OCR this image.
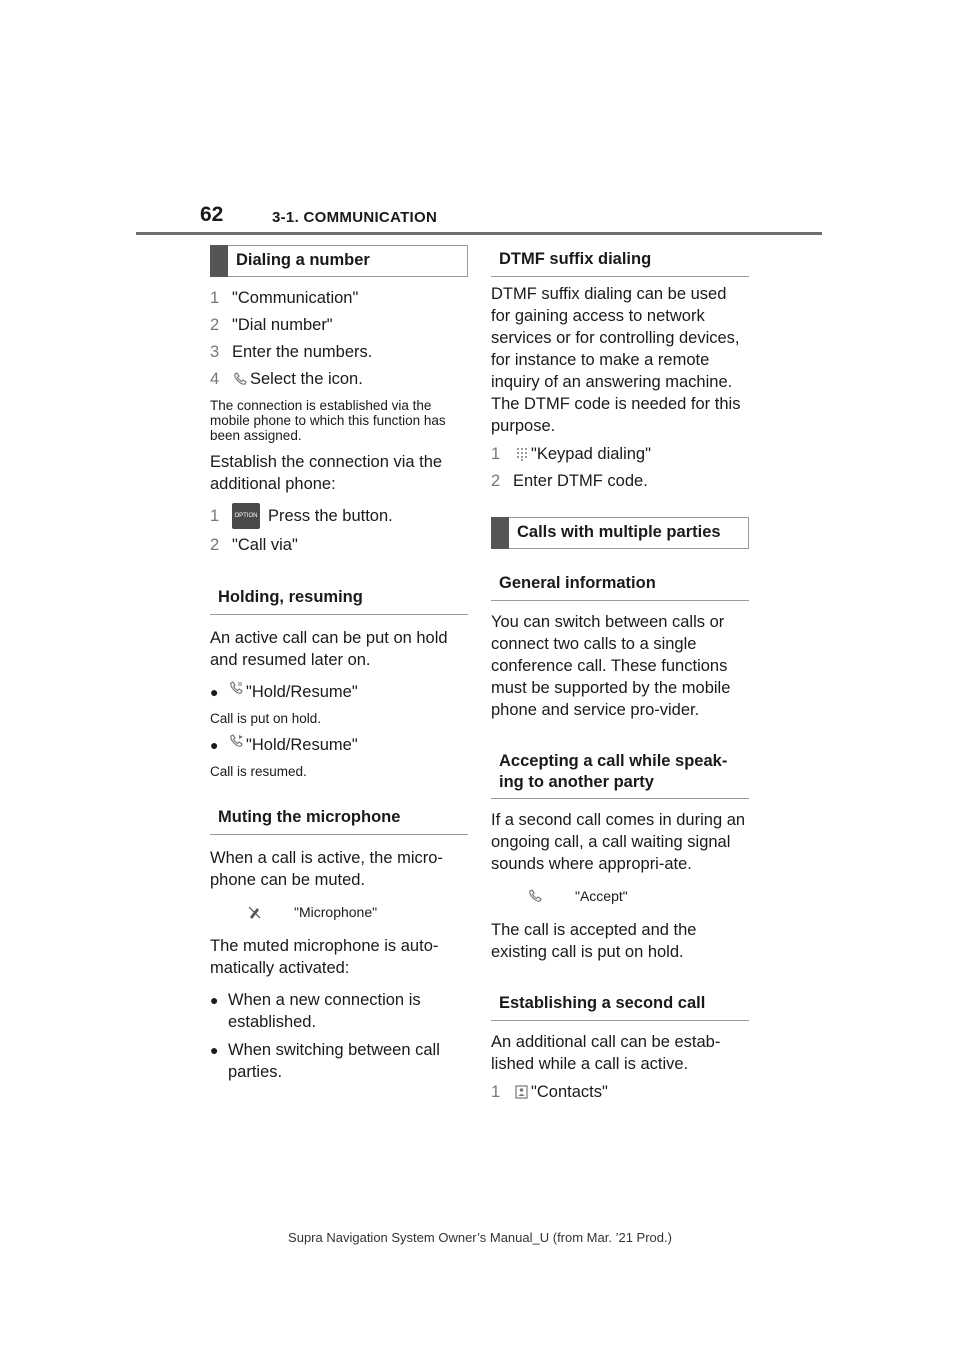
62	3-1. COMMUNICATION
Dialing a number
1 "Communication"
2 "Dial number"
3 Enter the numbers.
4	Select the icon.
The connection is established via the mobile phone to which this function has been assigned.

Establish the connection via the additional phone:

1	OPTION Press the button.
2 "Call via"
Holding, resuming

An active call can be put on hold and resumed later on.

●	"Hold/Resume"
Call is put on hold.
●	"Hold/Resume"
Call is resumed.
Muting the microphone

When a call is active, the micro-phone can be muted.

"Microphone"

The muted microphone is auto-matically activated:

● When a new connection is established.
● When switching between call parties.
DTMF suffix dialing

DTMF suffix dialing can be used for gaining access to network services or for controlling devices, for instance to make a remote inquiry of an answering machine. The DTMF code is needed for this purpose.

1	"Keypad dialing"
2 Enter DTMF code.
Calls with multiple parties
General information

You can switch between calls or connect two calls to a single conference call. These functions must be supported by the mobile phone and service pro-vider.

Accepting a call while speak-ing to another party

If a second call comes in during an ongoing call, a call waiting signal sounds where appropri-ate.

"Accept"

The call is accepted and the existing call is put on hold.

Establishing a second call

An additional call can be estab-lished while a call is active.

1	"Contacts"
Supra Navigation System Owner’s Manual_U (from Mar. ’21 Prod.)
